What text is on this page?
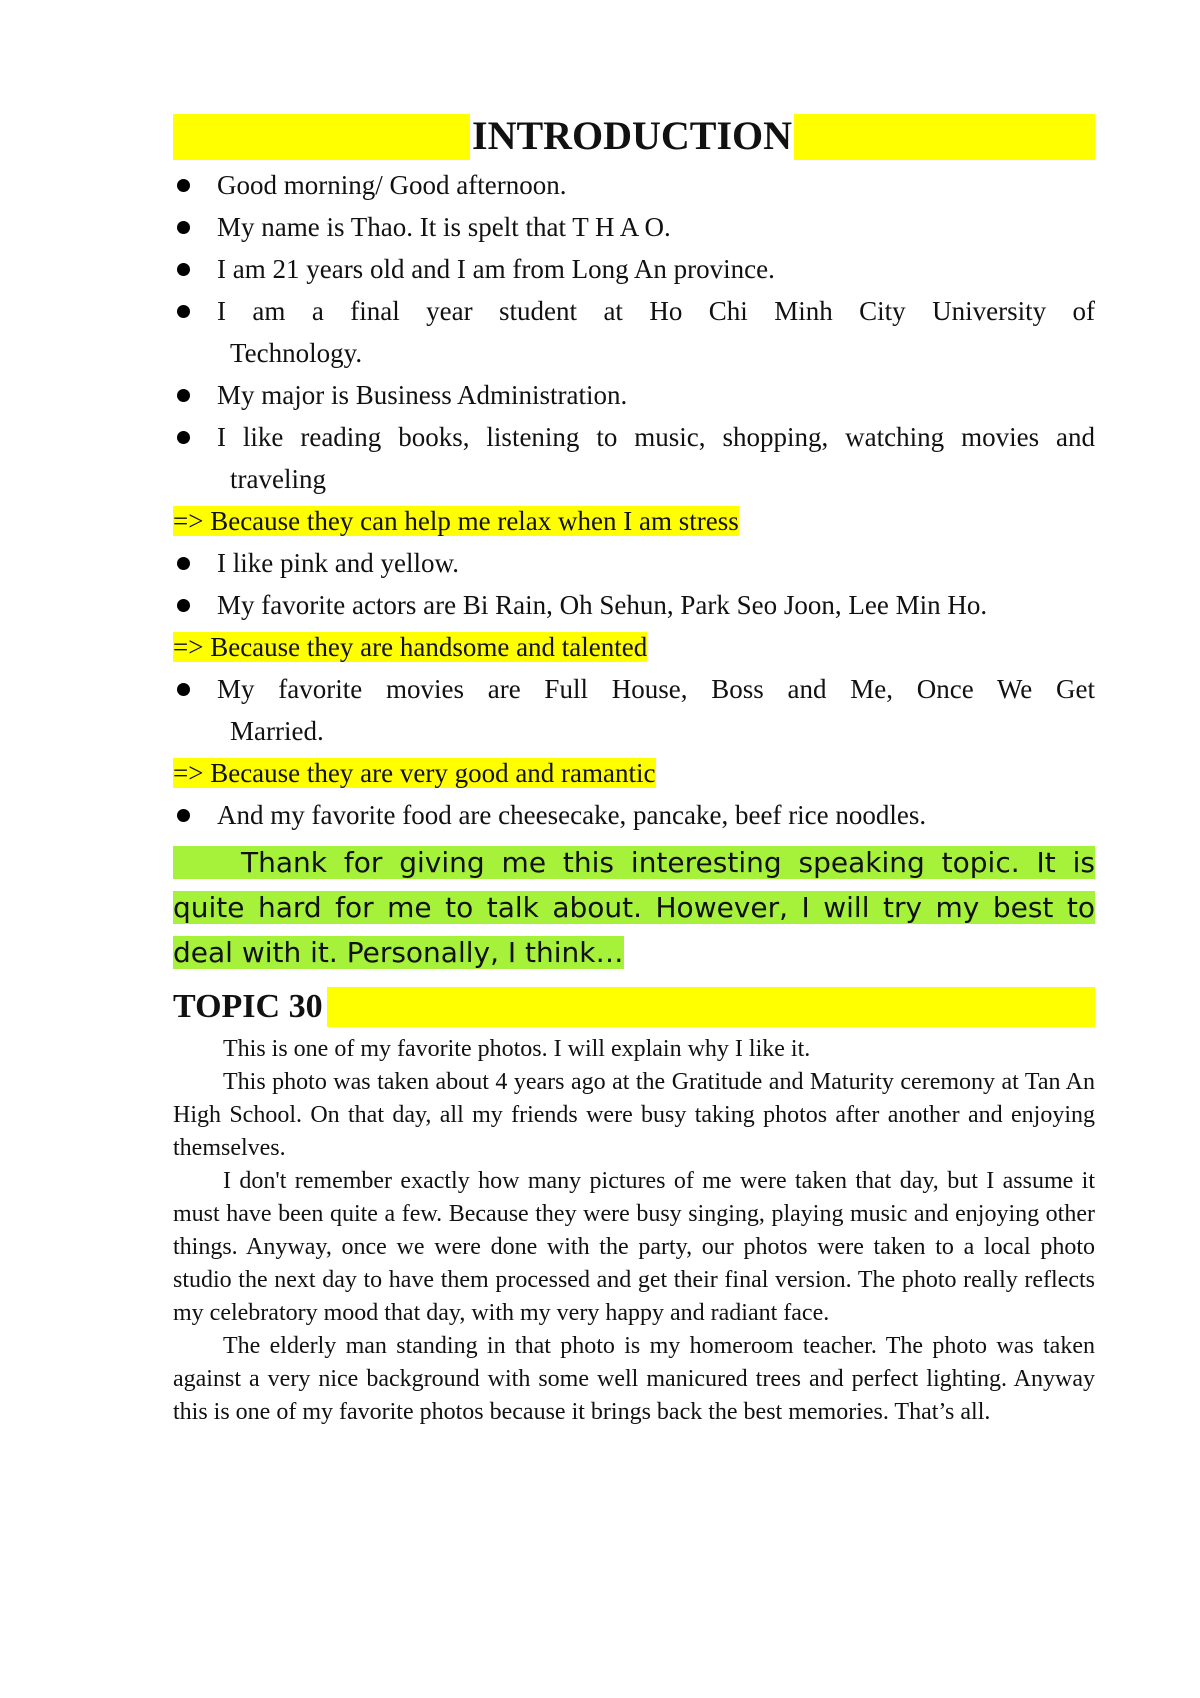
INTRODUCTION
Good morning/ Good afternoon.
My name is Thao. It is spelt that T H A O.
I am 21 years old and I am from Long An province.
I am a final year student at Ho Chi Minh City University of
Technology.
My major is Business Administration.
I like reading books, listening to music, shopping, watching movies and
traveling
=> Because they can help me relax when I am stress
I like pink and yellow.
My favorite actors are Bi Rain, Oh Sehun, Park Seo Joon, Lee Min Ho.
=> Because they are handsome and talented
My favorite movies are Full House, Boss and Me, Once We Get
Married.
=> Because they are very good and ramantic
And my favorite food are cheesecake, pancake, beef rice noodles.
Thank for giving me this interesting speaking topic. It is quite hard for me to talk about. However, I will try my best to deal with it. Personally, I think…
TOPIC 30

This is one of my favorite photos. I will explain why I like it.

This photo was taken about 4 years ago at the Gratitude and Maturity ceremony at Tan An High School. On that day, all my friends were busy taking photos after another and enjoying themselves.

I don't remember exactly how many pictures of me were taken that day, but I assume it must have been quite a few. Because they were busy singing, playing music and enjoying other things. Anyway, once we were done with the party, our photos were taken to a local photo studio the next day to have them processed and get their final version. The photo really reflects my celebratory mood that day, with my very happy and radiant face.

The elderly man standing in that photo is my homeroom teacher. The photo was taken against a very nice background with some well manicured trees and perfect lighting. Anyway this is one of my favorite photos because it brings back the best memories. That’s all.
